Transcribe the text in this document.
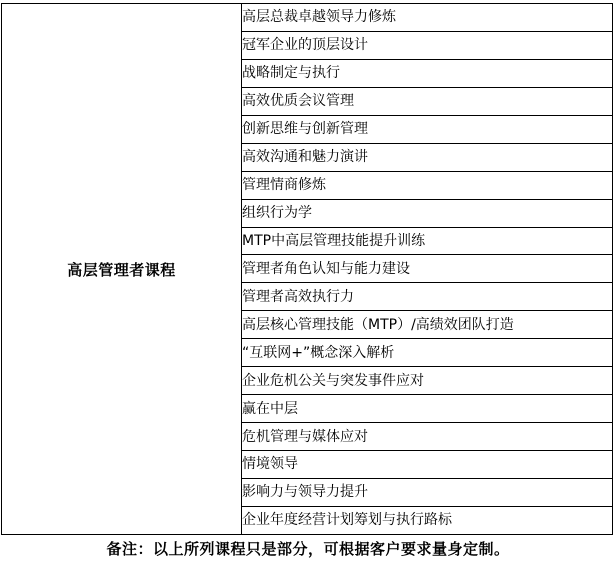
高层管理者课程	高层总裁卓越领导力修炼
冠军企业的顶层设计
战略制定与执行
高效优质会议管理
创新思维与创新管理
高效沟通和魅力演讲
管理情商修炼
组织行为学
MTP中高层管理技能提升训练
管理者角色认知与能力建设
管理者高效执行力
高层核心管理技能（MTP）/高绩效团队打造
“互联网+”概念深入解析
企业危机公关与突发事件应对
赢在中层
危机管理与媒体应对
情境领导
影响力与领导力提升
企业年度经营计划筹划与执行路标
备注：以上所列课程只是部分，可根据客户要求量身定制。
